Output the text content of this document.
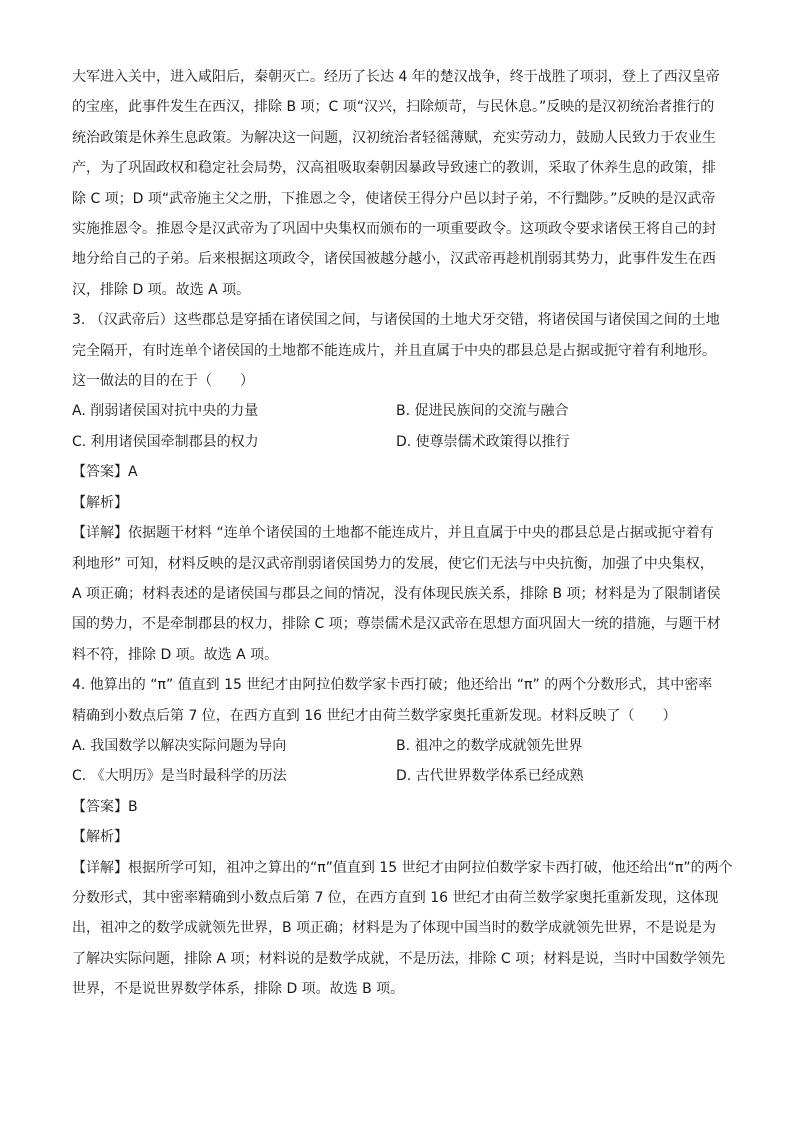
大军进入关中，进入咸阳后，秦朝灭亡。经历了长达 4 年的楚汉战争，终于战胜了项羽，登上了西汉皇帝
的宝座，此事件发生在西汉，排除 B 项；C 项“汉兴，扫除烦苛，与民休息。”反映的是汉初统治者推行的
统治政策是休养生息政策。为解决这一问题，汉初统治者轻徭薄赋，充实劳动力，鼓励人民致力于农业生
产，为了巩固政权和稳定社会局势，汉高祖吸取秦朝因暴政导致速亡的教训，采取了休养生息的政策，排
除 C 项；D 项“武帝施主父之册，下推恩之令，使诸侯王得分户邑以封子弟，不行黜陟。”反映的是汉武帝
实施推恩令。推恩令是汉武帝为了巩固中央集权而颁布的一项重要政令。这项政令要求诸侯王将自己的封
地分给自己的子弟。后来根据这项政令，诸侯国被越分越小，汉武帝再趁机削弱其势力，此事件发生在西
汉，排除 D 项。故选 A 项。
3. （汉武帝后）这些郡总是穿插在诸侯国之间，与诸侯国的土地犬牙交错，将诸侯国与诸侯国之间的土地
完全隔开，有时连单个诸侯国的土地都不能连成片，并且直属于中央的郡县总是占据或扼守着有利地形。
这一做法的目的在于（　　）
A. 削弱诸侯国对抗中央的力量	B. 促进民族间的交流与融合
C. 利用诸侯国牵制郡县的权力	D. 使尊崇儒术政策得以推行
【答案】A
【解析】
【详解】依据题干材料 “连单个诸侯国的土地都不能连成片，并且直属于中央的郡县总是占据或扼守着有
利地形” 可知，材料反映的是汉武帝削弱诸侯国势力的发展，使它们无法与中央抗衡，加强了中央集权，
A 项正确；材料表述的是诸侯国与郡县之间的情况，没有体现民族关系，排除 B 项；材料是为了限制诸侯
国的势力，不是牵制郡县的权力，排除 C 项；尊崇儒术是汉武帝在思想方面巩固大一统的措施，与题干材
料不符，排除 D 项。故选 A 项。
4. 他算出的 “π” 值直到 15 世纪才由阿拉伯数学家卡西打破；他还给出 “π” 的两个分数形式，其中密率
精确到小数点后第 7 位，在西方直到 16 世纪才由荷兰数学家奥托重新发现。材料反映了（　　）
A. 我国数学以解决实际问题为导向	B. 祖冲之的数学成就领先世界
C. 《大明历》是当时最科学的历法	D. 古代世界数学体系已经成熟
【答案】B
【解析】
【详解】根据所学可知，祖冲之算出的“π”值直到 15 世纪才由阿拉伯数学家卡西打破，他还给出“π”的两个
分数形式，其中密率精确到小数点后第 7 位，在西方直到 16 世纪才由荷兰数学家奥托重新发现，这体现
出，祖冲之的数学成就领先世界，B 项正确；材料是为了体现中国当时的数学成就领先世界，不是说是为
了解决实际问题，排除 A 项；材料说的是数学成就，不是历法，排除 C 项；材料是说，当时中国数学领先
世界，不是说世界数学体系，排除 D 项。故选 B 项。
